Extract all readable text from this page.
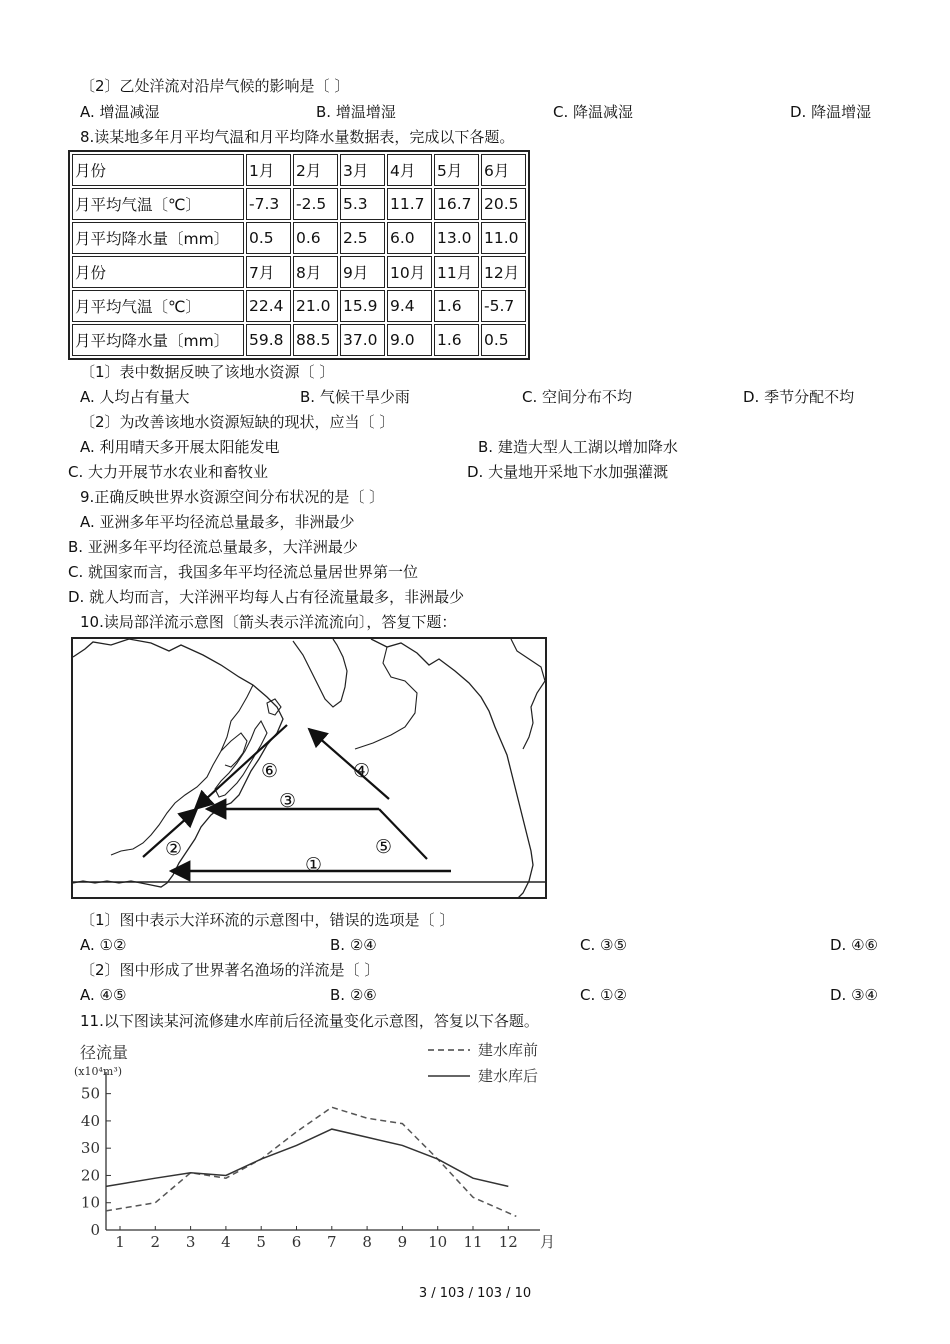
〔2〕乙处洋流对沿岸气候的影响是〔 〕
A. 增温减湿	B. 增温增湿	C. 降温减湿	D. 降温增湿
8.读某地多年月平均气温和月平均降水量数据表，完成以下各题。
月份	1月	2月	3月	4月	5月	6月
月平均气温〔℃〕	-7.3	-2.5	5.3	11.7	16.7	20.5
月平均降水量〔mm〕	0.5	0.6	2.5	6.0	13.0	11.0
月份	7月	8月	9月	10月	11月	12月
月平均气温〔℃〕	22.4	21.0	15.9	9.4	1.6	-5.7
月平均降水量〔mm〕	59.8	88.5	37.0	9.0	1.6	0.5
〔1〕表中数据反映了该地水资源〔 〕
A. 人均占有量大	B. 气候干旱少雨	C. 空间分布不均	D. 季节分配不均
〔2〕为改善该地水资源短缺的现状，应当〔 〕
A. 利用晴天多开展太阳能发电	B. 建造大型人工湖以增加降水
C. 大力开展节水农业和畜牧业	D. 大量地开采地下水加强灌溉
9.正确反映世界水资源空间分布状况的是〔 〕
A. 亚洲多年平均径流总量最多，非洲最少
B. 亚洲多年平均径流总量最多，大洋洲最少
C. 就国家而言，我国多年平均径流总量居世界第一位
D. 就人均而言，大洋洲平均每人占有径流量最多，非洲最少
10.读局部洋流示意图〔箭头表示洋流流向〕，答复下题：
①
②
③
④
⑤
⑥
〔1〕图中表示大洋环流的示意图中，错误的选项是〔 〕
A. ①②	B. ②④	C. ③⑤	D. ④⑥
〔2〕图中形成了世界著名渔场的洋流是〔 〕
A. ④⑤	B. ②⑥	C. ①②	D. ③④
11.以下图读某河流修建水库前后径流量变化示意图，答复以下各题。
径流量
(x10⁴m³)
建水库前
建水库后
0
10
20
30
40
50
1 2 3 4 5 6 7 8 9 10 11 12 月
3 / 103 / 103 / 10
